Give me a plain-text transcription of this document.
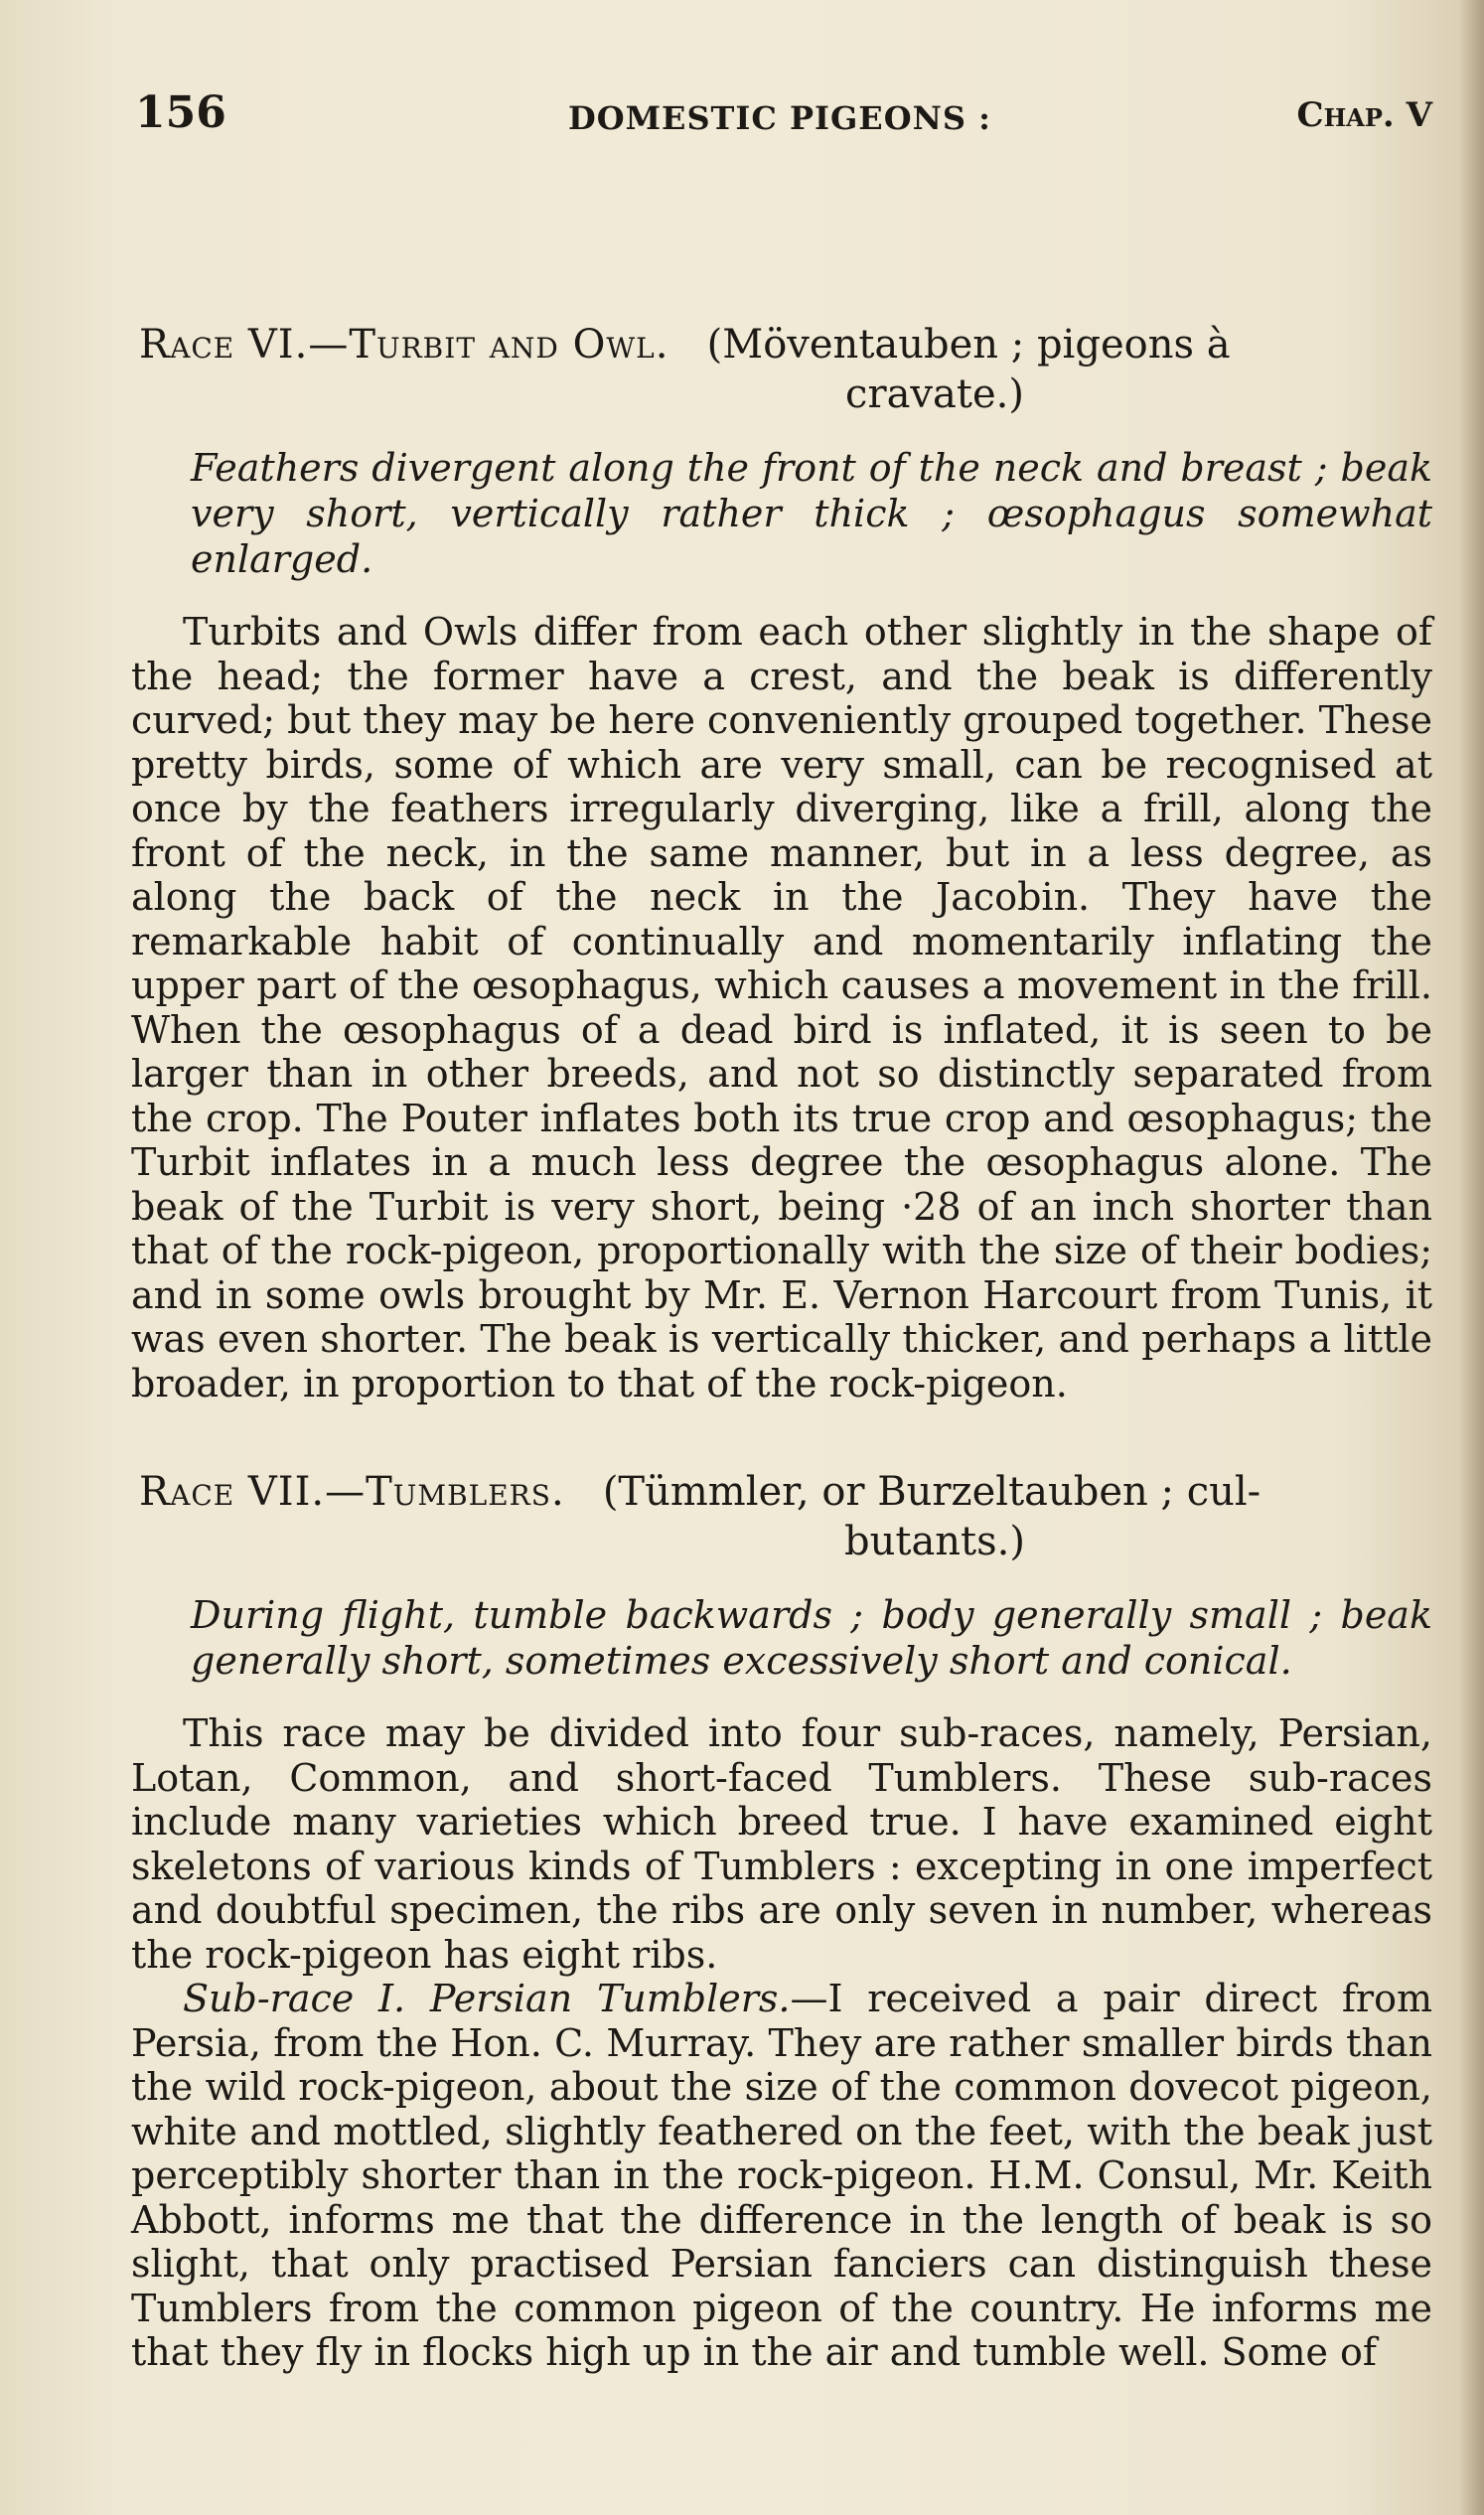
156	DOMESTIC PIGEONS :	Chap. V

Race VI.—Turbit and Owl. (Möventauben ; pigeons à
cravate.)

Feathers divergent along the front of the neck and breast ; beak very short, vertically rather thick ; œsophagus somewhat enlarged.

Turbits and Owls differ from each other slightly in the shape of the head; the former have a crest, and the beak is differently curved; but they may be here conveniently grouped together. These pretty birds, some of which are very small, can be recognised at once by the feathers irregularly diverging, like a frill, along the front of the neck, in the same manner, but in a less degree, as along the back of the neck in the Jacobin. They have the remarkable habit of continually and momentarily inflating the upper part of the œsophagus, which causes a movement in the frill. When the œsophagus of a dead bird is inflated, it is seen to be larger than in other breeds, and not so distinctly separated from the crop. The Pouter inflates both its true crop and œsophagus; the Turbit inflates in a much less degree the œsophagus alone. The beak of the Turbit is very short, being ·28 of an inch shorter than that of the rock-pigeon, proportionally with the size of their bodies; and in some owls brought by Mr. E. Vernon Harcourt from Tunis, it was even shorter. The beak is vertically thicker, and perhaps a little broader, in proportion to that of the rock-pigeon.

Race VII.—Tumblers. (Tümmler, or Burzeltauben ; cul-
butants.)

During flight, tumble backwards ; body generally small ; beak generally short, sometimes excessively short and conical.

This race may be divided into four sub-races, namely, Persian, Lotan, Common, and short-faced Tumblers. These sub-races include many varieties which breed true. I have examined eight skeletons of various kinds of Tumblers : excepting in one imperfect and doubtful specimen, the ribs are only seven in number, whereas the rock-pigeon has eight ribs.

Sub-race I. Persian Tumblers.—I received a pair direct from Persia, from the Hon. C. Murray. They are rather smaller birds than the wild rock-pigeon, about the size of the common dovecot pigeon, white and mottled, slightly feathered on the feet, with the beak just perceptibly shorter than in the rock-pigeon. H.M. Consul, Mr. Keith Abbott, informs me that the difference in the length of beak is so slight, that only practised Persian fanciers can distinguish these Tumblers from the common pigeon of the country. He informs me that they fly in flocks high up in the air and tumble well. Some of
